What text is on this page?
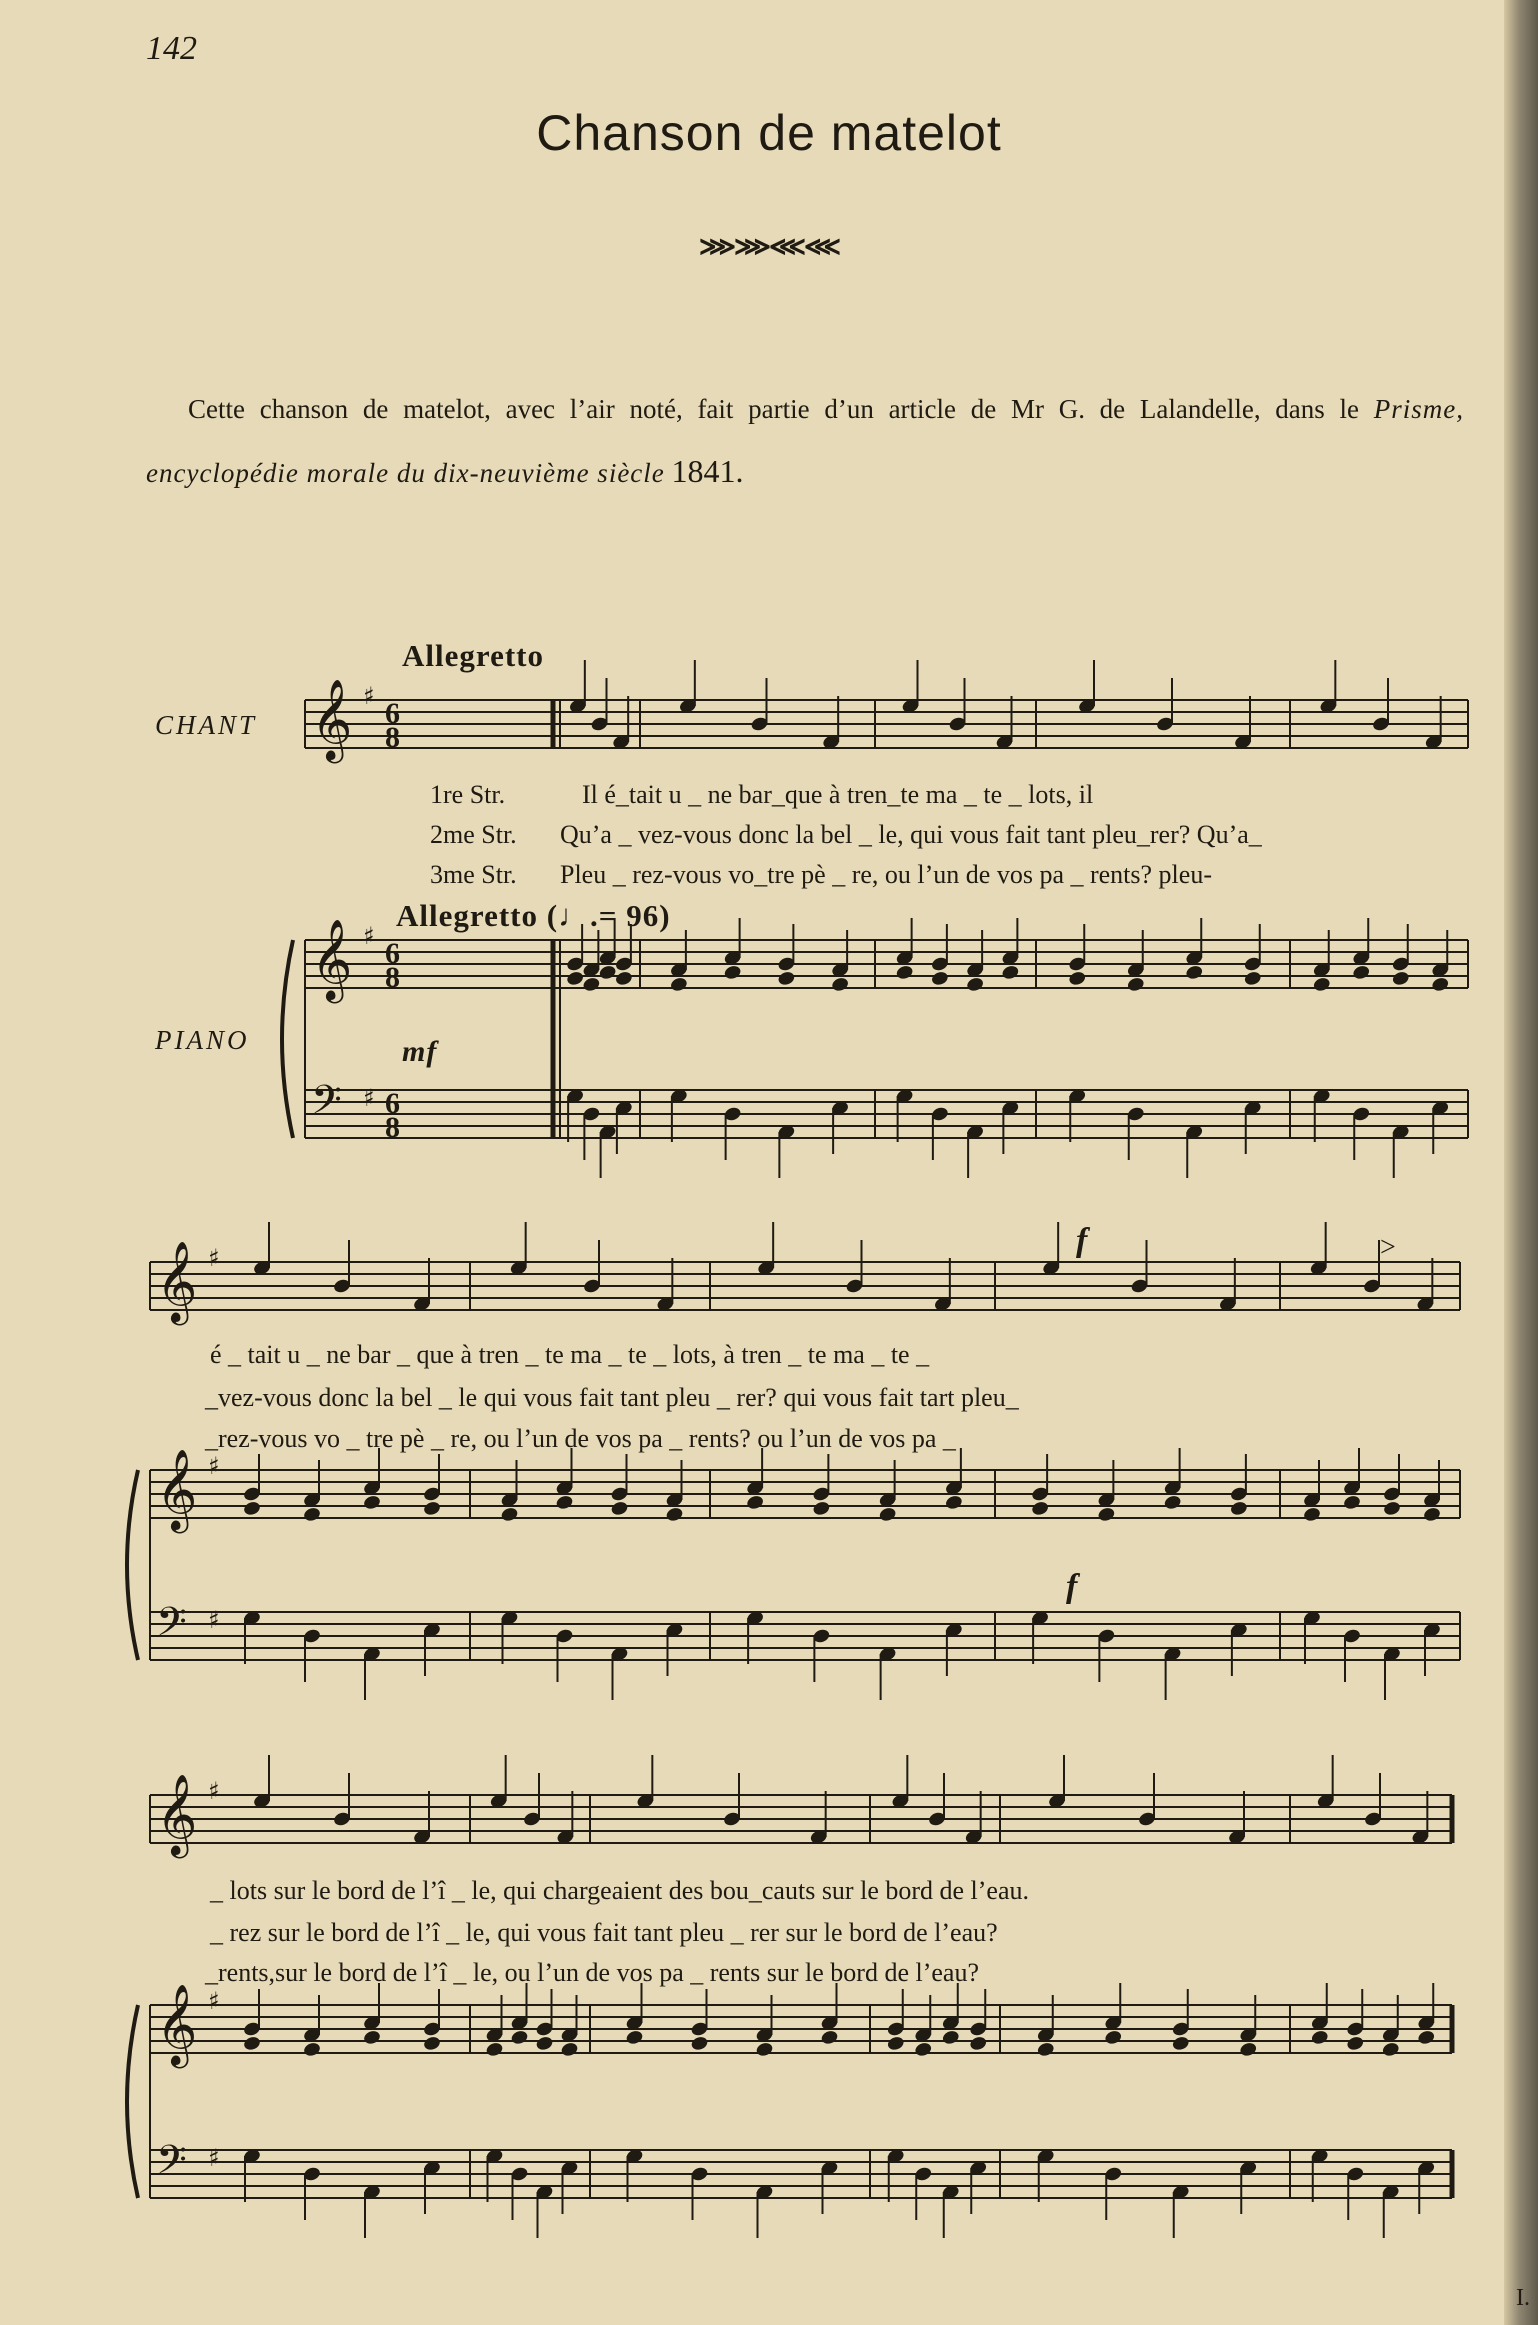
142
Chanson de matelot
⋙⋙⋘⋘
Cette chanson de matelot, avec l’air noté, fait partie d’un article de Mr G. de Lalandelle, dans le Prisme, encyclopédie morale du dix-neuvième siècle 1841.
𝄞 ♯
6
8
𝄞 ♯
6
8
𝄢 ♯ 6
8
𝄞 ♯
𝄞 ♯
𝄢 ♯
𝄞 ♯
𝄞 ♯
𝄢 ♯
Allegretto
Allegretto (♩.= 96)
CHANT
PIANO	mf
f
f
>
1re Str.
2me Str.
3me Str.
Il é_tait u _ ne bar_que à tren_te ma _ te _ lots, il
Qu’a _ vez-vous donc la bel _ le, qui vous fait tant pleu_rer? Qu’a_
Pleu _ rez-vous vo_tre pè _ re, ou l’un de vos pa _ rents? pleu-
é _ tait u _ ne bar _ que à tren _ te ma _ te _ lots, à tren _ te ma _ te _
_vez-vous donc la bel _ le qui vous fait tant pleu _ rer? qui vous fait tart pleu_
_rez-vous vo _ tre pè _ re, ou l’un de vos pa _ rents? ou l’un de vos pa _
_ lots sur le bord de l’î _ le, qui chargeaient des bou_cauts sur le bord de l’eau.
_ rez sur le bord de l’î _ le, qui vous fait tant pleu _ rer sur le bord de l’eau?
_rents,sur le bord de l’î _ le, ou l’un de vos pa _ rents sur le bord de l’eau?
I.
